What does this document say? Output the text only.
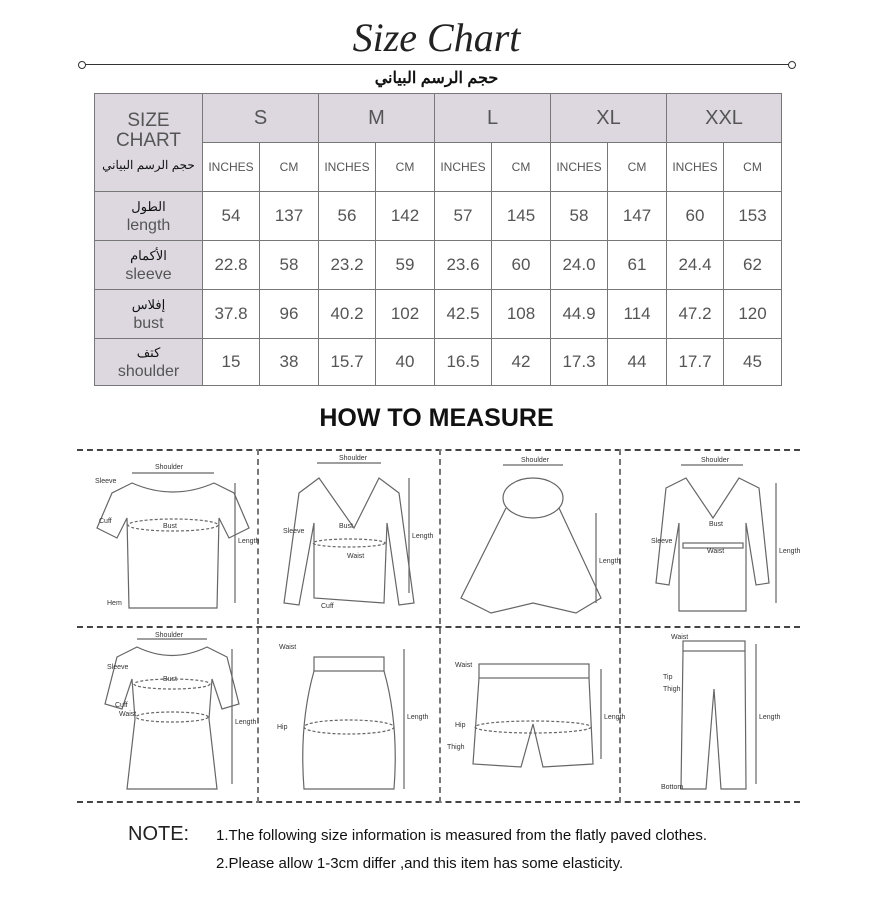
Size Chart
حجم الرسم البياني
SIZE
CHART
حجم الرسم البياني	S		M		L		XL		XXL	
	INCHES	CM	INCHES	CM	INCHES	CM	INCHES	CM	INCHES	CM

الطول
length	54	137	56	142	57	145	58	147	60	153

الأكمام
sleeve	22.8	58	23.2	59	23.6	60	24.0	61	24.4	62

إفلاس
bust	37.8	96	40.2	102	42.5	108	44.9	114	47.2	120

كتف
shoulder	15	38	15.7	40	16.5	42	17.3	44	17.7	45
HOW TO MEASURE
Shoulder
Sleeve
Cuff
Bust
Hem
Length
Shoulder
Bust
Waist
Cuff
Sleeve
Length
Shoulder
Length
Shoulder
Bust
Waist
Sleeve
Length
Shoulder
Bust
Cuff
Waist
Sleeve
Length
Waist
Hip
Length
Waist
Hip
Thigh
Length
Waist
Tip
Thigh
Bottom
Length
NOTE: 1.The following size information is measured from the flatly paved clothes.
2.Please allow 1-3cm differ ,and this item has some elasticity.
